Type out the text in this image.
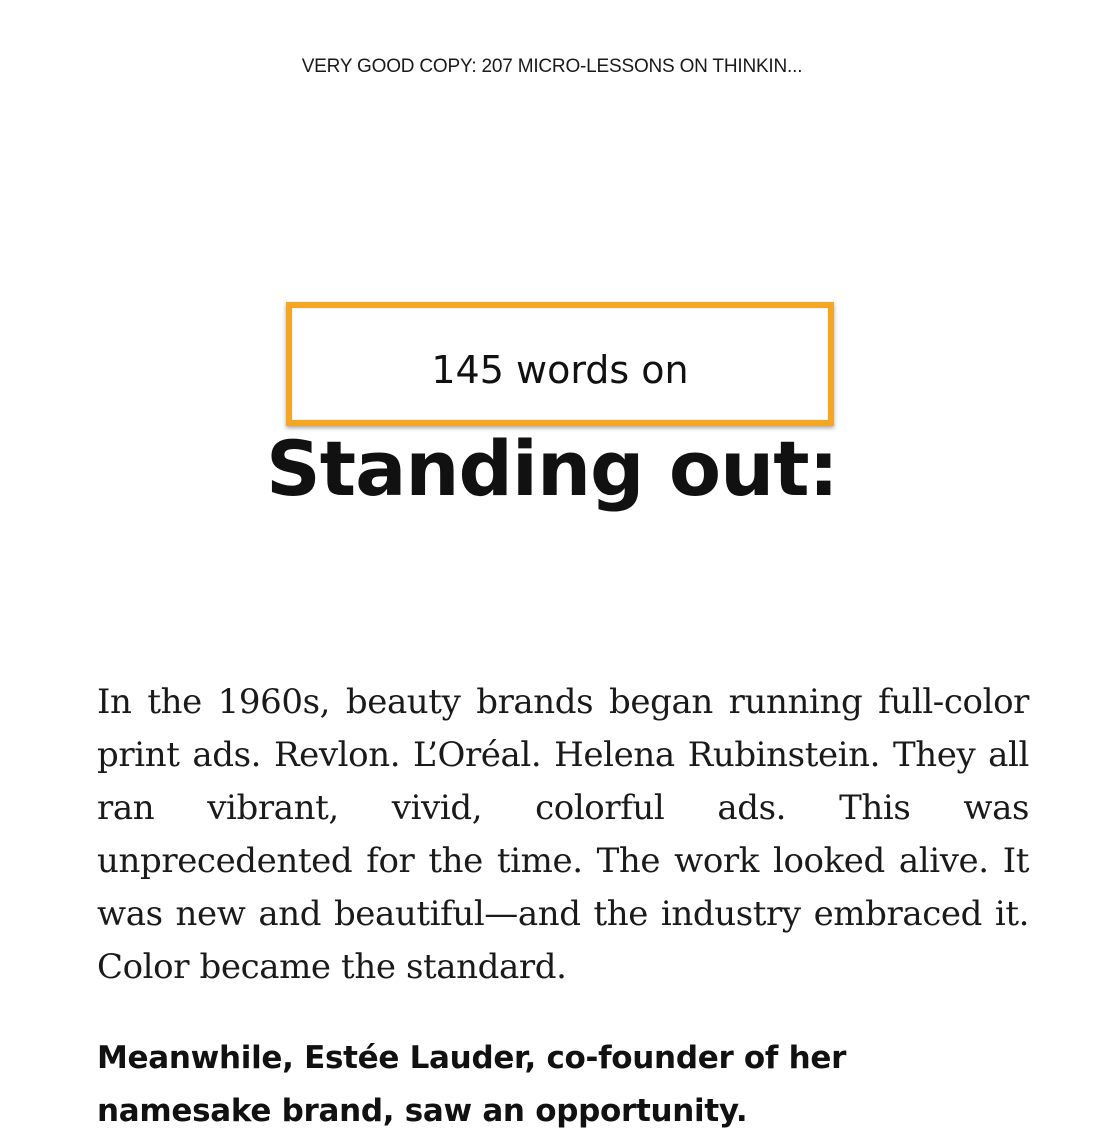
VERY GOOD COPY: 207 MICRO-LESSONS ON THINKIN...
145 words on
Standing out:

In the 1960s, beauty brands began running full-color print ads. Revlon. L’Oréal. Helena Rubinstein. They all ran vibrant, vivid, colorful ads. This was unprecedented for the time. The work looked alive. It was new and beautiful—and the industry embraced it. Color became the standard.

Meanwhile, Estée Lauder, co-founder of her namesake brand, saw an opportunity.
